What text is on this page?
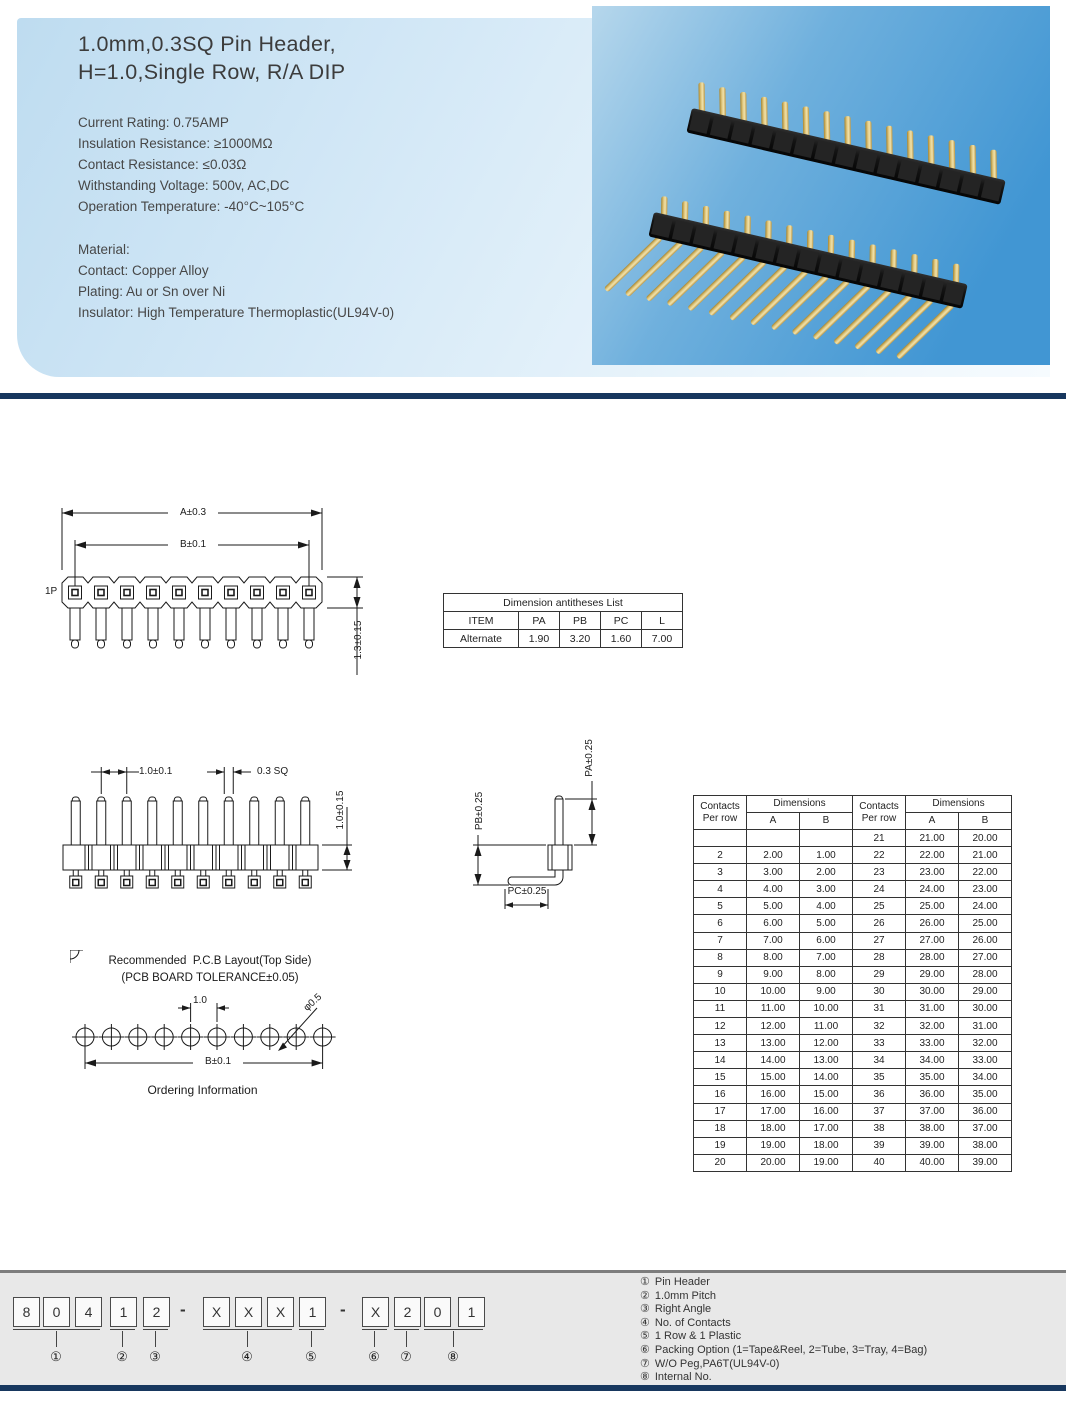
1.0mm,0.3SQ Pin Header,
H=1.0,Single Row, R/A DIP
Current Rating: 0.75AMP
Insulation Resistance: ≥1000MΩ
Contact Resistance: ≤0.03Ω
Withstanding Voltage: 500v, AC,DC
Operation Temperature: -40°C~105°C
Material:
Contact: Copper Alloy
Plating: Au or Sn over Ni
Insulator: High Temperature Thermoplastic(UL94V-0)
A±0.3
B±0.1
1P
1.3±0.15
Dimension antitheses List				
ITEM	PA	PB	PC	L
Alternate	1.90	3.20	1.60	7.00
1.0±0.1	0.3 SQ
1.0±0.15
PA±0.25
PB±0.25
PC±0.25
Recommended  P.C.B Layout(Top Side)
(PCB BOARD TOLERANCE±0.05)
1.0	φ0.5
B±0.1
Ordering Information
Contacts
Per row	Dimensions		Contacts
Per row	Dimensions	
	A	B		A	B
			21	21.00	20.00
2	2.00	1.00	22	22.00	21.00
3	3.00	2.00	23	23.00	22.00
4	4.00	3.00	24	24.00	23.00
5	5.00	4.00	25	25.00	24.00
6	6.00	5.00	26	26.00	25.00
7	7.00	6.00	27	27.00	26.00
8	8.00	7.00	28	28.00	27.00
9	9.00	8.00	29	29.00	28.00
10	10.00	9.00	30	30.00	29.00
11	11.00	10.00	31	31.00	30.00
12	12.00	11.00	32	32.00	31.00
13	13.00	12.00	33	33.00	32.00
14	14.00	13.00	34	34.00	33.00
15	15.00	14.00	35	35.00	34.00
16	16.00	15.00	36	36.00	35.00
17	17.00	16.00	37	37.00	36.00
18	18.00	17.00	38	38.00	37.00
19	19.00	18.00	39	39.00	38.00
20	20.00	19.00	40	40.00	39.00
8	0	4	1	2	-	X	X	X	1	-	X	2	0	1
①	② ③	④	⑤	⑥ ⑦	⑧
① Pin Header
② 1.0mm Pitch
③ Right Angle
④ No. of Contacts
⑤ 1 Row & 1 Plastic
⑥ Packing Option (1=Tape&Reel, 2=Tube, 3=Tray, 4=Bag)
⑦ W/O Peg,PA6T(UL94V-0)
⑧ Internal No.
